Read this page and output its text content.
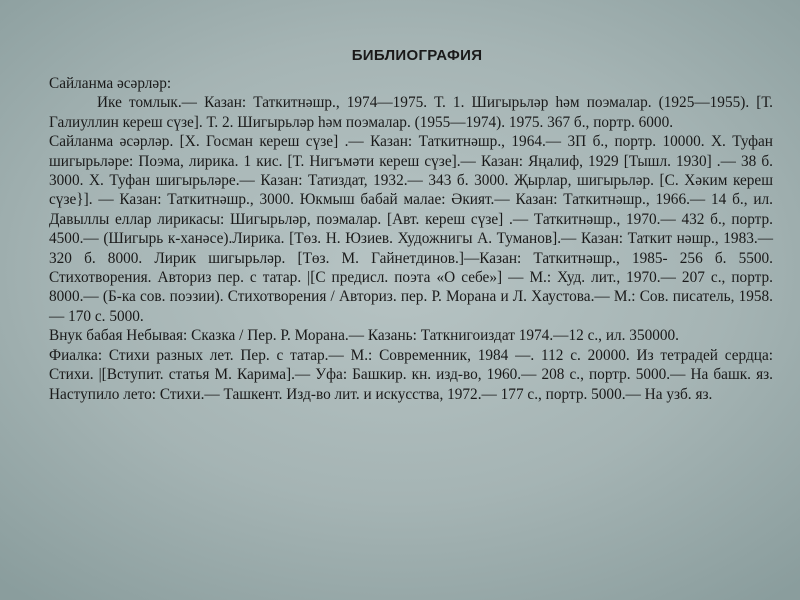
БИБЛИОГРАФИЯ

Сайланма әсәрләр:

Ике томлык.— Казан: Таткитнәшр., 1974—1975. Т. 1. Шигырьләр һәм поэмалар. (1925—1955). [Т. Галиуллин кереш сүзе]. Т. 2. Шигырьләр һәм поэмалар. (1955—1974). 1975. 367 б., портр. 6000.

Сайланма әсәрләр. [Х. Госман кереш сүзе] .— Казан: Таткитнәшр., 1964.— 3П б., портр. 10000. Х. Туфан шигырьләре: Поэма, лирика. 1 кис. [Т. Нигъмәти кереш сүзе].— Казан: Яңалиф, 1929 [Тышл. 1930] .— 38 б. 3000. Х. Туфан шигырьләре.— Казан: Татиздат, 1932.— 343 б. 3000. Җырлар, шигырьләр. [С. Хәким кереш сүзе}]. — Казан: Таткитнәшр., 3000. Юкмыш бабай малае: Әкият.— Казан: Таткитнәшр., 1966.— 14 б., ил. Давыллы еллар лирикасы: Шигырьләр, поэмалар. [Авт. кереш сүзе] .— Таткитнәшр., 1970.— 432 б., портр. 4500.— (Шигырь к-ханәсе).Лирика. [Төз. Н. Юзиев. Художнигы А. Туманов].— Казан: Таткит нәшр., 1983.—320 б. 8000. Лирик шигырьләр. [Төз. М. Гайнетдинов.]—Казан: Таткитнәшр., 1985- 256 б. 5500. Стихотворения. Авториз пер. с татар. |[С предисл. поэта «О себе»] — М.: Худ. лит., 1970.— 207 с., портр. 8000.— (Б-ка сов. поэзии). Стихотворения / Авториз. пер. Р. Морана и Л. Хаустова.— М.: Сов. писатель, 1958.— 170 с. 5000.

Внук бабая Небывая: Сказка / Пер. Р. Морана.— Казань: Таткнигоиздат 1974.—12 с., ил. 350000.

Фиалка: Стихи разных лет. Пер. с татар.— М.: Современник, 1984 —. 112 с. 20000. Из тетрадей сердца: Стихи. |[Вступит. статья М. Карима].— Уфа: Башкир. кн. изд-во, 1960.— 208 с., портр. 5000.— На башк. яз. Наступило лето: Стихи.— Ташкент. Изд-во лит. и искусства, 1972.— 177 с., портр. 5000.— На узб. яз.
